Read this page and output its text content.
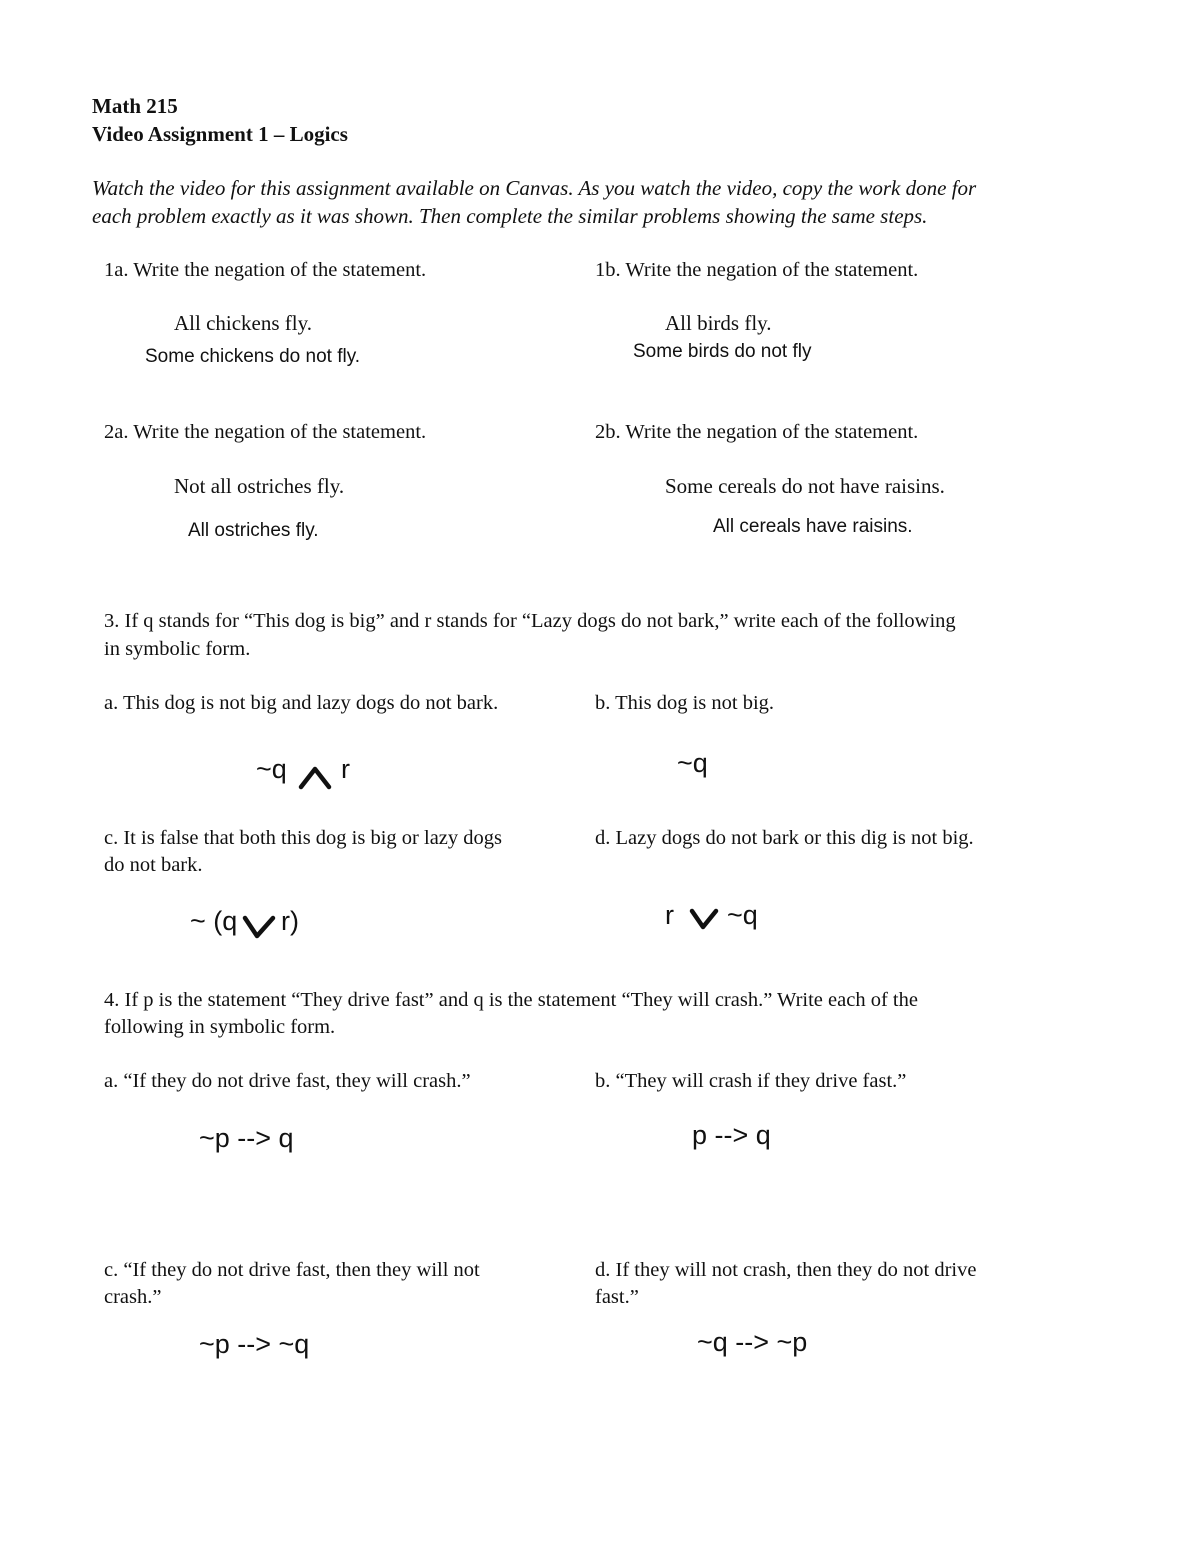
Math 215
Video Assignment 1 – Logics
Watch the video for this assignment available on Canvas. As you watch the video, copy the work done for
each problem exactly as it was shown. Then complete the similar problems showing the same steps.
1a. Write the negation of the statement.
All chickens fly.
Some chickens do not fly.
1b. Write the negation of the statement.
All birds fly.
Some birds do not fly
2a. Write the negation of the statement.
Not all ostriches fly.
All ostriches fly.
2b. Write the negation of the statement.
Some cereals do not have raisins.
All cereals have raisins.
3. If q stands for “This dog is big” and r stands for “Lazy dogs do not bark,” write each of the following
in symbolic form.
a. This dog is not big and lazy dogs do not bark.
~q r
b. This dog is not big.
~q
c. It is false that both this dog is big or lazy dogs
do not bark.
~ (q r)
d. Lazy dogs do not bark or this dig is not big.
r ~q
4. If p is the statement “They drive fast” and q is the statement “They will crash.” Write each of the
following in symbolic form.
a. “If they do not drive fast, they will crash.”
~p --> q
b. “They will crash if they drive fast.”
p --> q
c. “If they do not drive fast, then they will not
crash.”
~p --> ~q
d. If they will not crash, then they do not drive
fast.”
~q --> ~p
